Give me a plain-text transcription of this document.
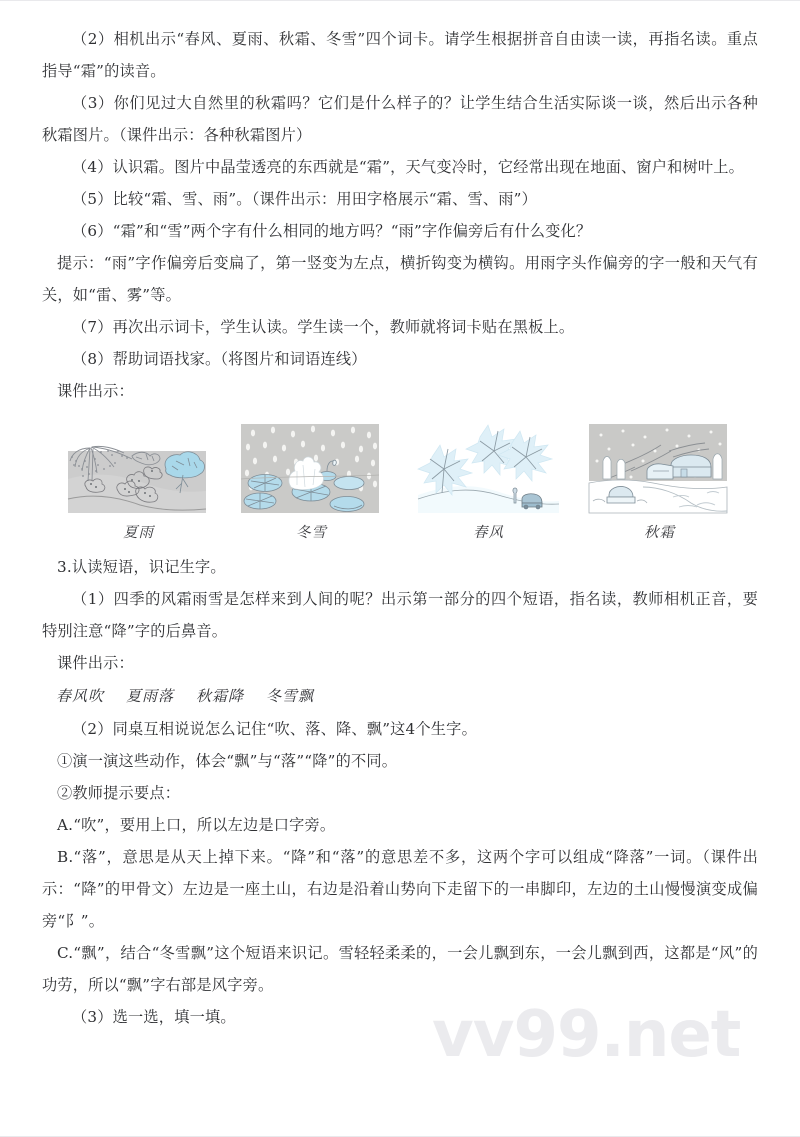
vv99.net

（2）相机出示“春风、夏雨、秋霜、冬雪”四个词卡。请学生根据拼音自由读一读，再指名读。重点指导“霜”的读音。

（3）你们见过大自然里的秋霜吗？它们是什么样子的？让学生结合生活实际谈一谈，然后出示各种秋霜图片。（课件出示：各种秋霜图片）

（4）认识霜。图片中晶莹透亮的东西就是“霜”，天气变冷时，它经常出现在地面、窗户和树叶上。

（5）比较“霜、雪、雨”。（课件出示：用田字格展示“霜、雪、雨”）

（6）“霜”和“雪”两个字有什么相同的地方吗？“雨”字作偏旁后有什么变化？

提示：“雨”字作偏旁后变扁了，第一竖变为左点，横折钩变为横钩。用雨字头作偏旁的字一般和天气有关，如“雷、雾”等。

（7）再次出示词卡，学生认读。学生读一个，教师就将词卡贴在黑板上。

（8）帮助词语找家。（将图片和词语连线）

课件出示：

夏雨	冬雪	春风	秋霜

3.认读短语，识记生字。

（1）四季的风霜雨雪是怎样来到人间的呢？出示第一部分的四个短语，指名读，教师相机正音，要特别注意“降”字的后鼻音。

课件出示：

春风吹 夏雨落 秋霜降 冬雪飘

（2）同桌互相说说怎么记住“吹、落、降、飘”这4个生字。

①演一演这些动作，体会“飘”与“落”“降”的不同。

②教师提示要点：

A.“吹”，要用上口，所以左边是口字旁。

B.“落”，意思是从天上掉下来。“降”和“落”的意思差不多，这两个字可以组成“降落”一词。（课件出示：“降”的甲骨文）左边是一座土山，右边是沿着山势向下走留下的一串脚印，左边的土山慢慢演变成偏旁“阝”。

C.“飘”，结合“冬雪飘”这个短语来识记。雪轻轻柔柔的，一会儿飘到东，一会儿飘到西，这都是“风”的功劳，所以“飘”字右部是风字旁。

（3）选一选，填一填。
